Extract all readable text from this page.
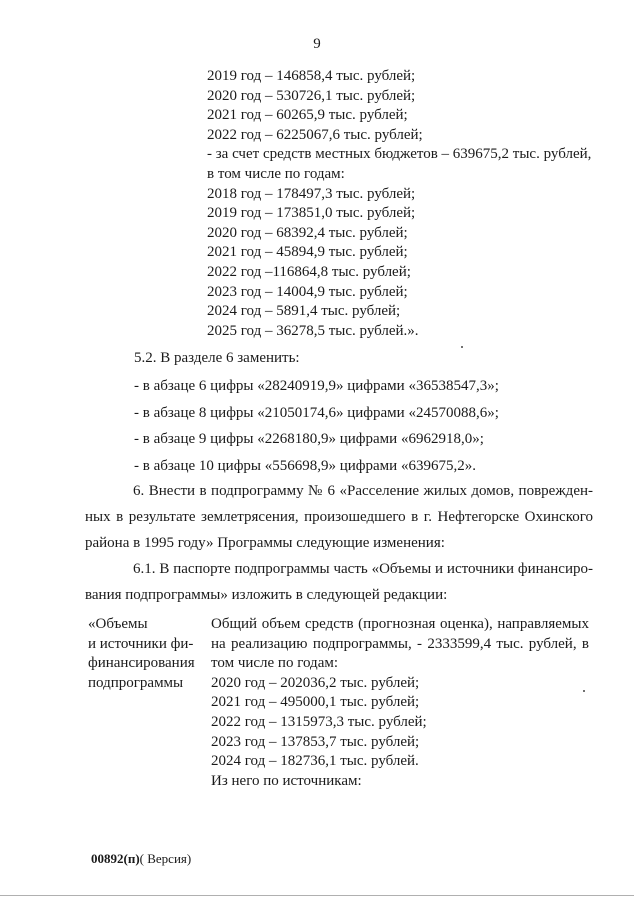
9
2019 год – 146858,4 тыс. рублей;
2020 год – 530726,1 тыс. рублей;
2021 год – 60265,9 тыс. рублей;
2022 год – 6225067,6 тыс. рублей;
- за счет средств местных бюджетов – 639675,2 тыс. рублей,
в том числе по годам:
2018 год – 178497,3 тыс. рублей;
2019 год – 173851,0 тыс. рублей;
2020 год – 68392,4 тыс. рублей;
2021 год – 45894,9 тыс. рублей;
2022 год –116864,8 тыс. рублей;
2023 год – 14004,9 тыс. рублей;
2024 год – 5891,4 тыс. рублей;
2025 год – 36278,5 тыс. рублей.».
5.2. В разделе 6 заменить:
- в абзаце 6 цифры «28240919,9» цифрами «36538547,3»;
- в абзаце 8 цифры «21050174,6» цифрами «24570088,6»;
- в абзаце 9 цифры «2268180,9» цифрами «6962918,0»;
- в абзаце 10 цифры «556698,9» цифрами «639675,2».
6. Внести в подпрограмму № 6 «Расселение жилых домов, поврежден-
ных в результате землетрясения, произошедшего в г. Нефтегорске Охинского
района в 1995 году» Программы следующие изменения:
6.1. В паспорте подпрограммы часть «Объемы и источники финансиро-
вания подпрограммы» изложить в следующей редакции:
«Объемы
и источники фи-
финансирования
подпрограммы
Общий объем средств (прогнозная оценка), направляемых
на реализацию подпрограммы, - 2333599,4 тыс. рублей, в
том числе по годам:
2020 год – 202036,2 тыс. рублей;
2021 год – 495000,1 тыс. рублей;
2022 год – 1315973,3 тыс. рублей;
2023 год – 137853,7 тыс. рублей;
2024 год – 182736,1 тыс. рублей.
Из него по источникам:
00892(п)( Версия)
